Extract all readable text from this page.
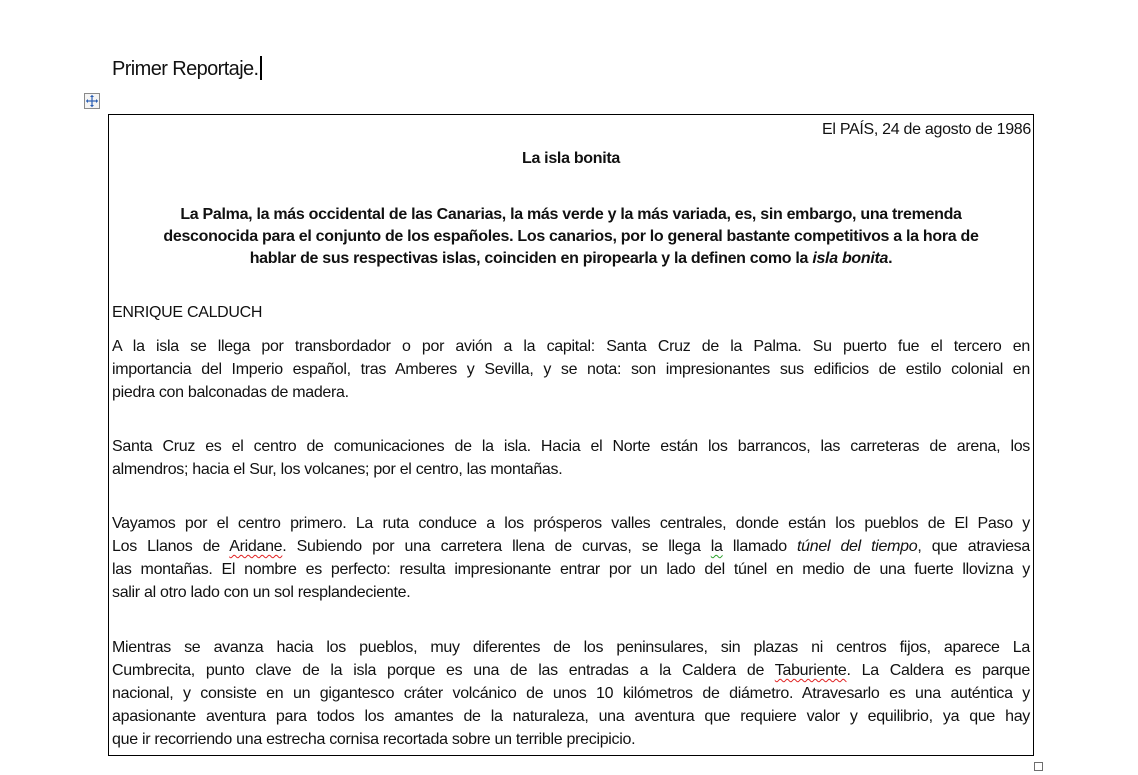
Primer Reportaje.
El PAÍS, 24 de agosto de 1986
La isla bonita
La Palma, la más occidental de las Canarias, la más verde y la más variada, es, sin embargo, una tremenda
desconocida para el conjunto de los españoles. Los canarios, por lo general bastante competitivos a la hora de
hablar de sus respectivas islas, coinciden en piropearla y la definen como la isla bonita.
ENRIQUE CALDUCH
A la isla se llega por transbordador o por avión a la capital: Santa Cruz de la Palma. Su puerto fue el tercero en
importancia del Imperio español, tras Amberes y Sevilla, y se nota: son impresionantes sus edificios de estilo colonial en
piedra con balconadas de madera.
Santa Cruz es el centro de comunicaciones de la isla. Hacia el Norte están los barrancos, las carreteras de arena, los
almendros; hacia el Sur, los volcanes; por el centro, las montañas.
Vayamos por el centro primero. La ruta conduce a los prósperos valles centrales, donde están los pueblos de El Paso y
Los Llanos de Aridane. Subiendo por una carretera llena de curvas, se llega la llamado túnel del tiempo, que atraviesa
las montañas. El nombre es perfecto: resulta impresionante entrar por un lado del túnel en medio de una fuerte llovizna y
salir al otro lado con un sol resplandeciente.
Mientras se avanza hacia los pueblos, muy diferentes de los peninsulares, sin plazas ni centros fijos, aparece La
Cumbrecita, punto clave de la isla porque es una de las entradas a la Caldera de Taburiente. La Caldera es parque
nacional, y consiste en un gigantesco cráter volcánico de unos 10 kilómetros de diámetro. Atravesarlo es una auténtica y
apasionante aventura para todos los amantes de la naturaleza, una aventura que requiere valor y equilibrio, ya que hay
que ir recorriendo una estrecha cornisa recortada sobre un terrible precipicio.
